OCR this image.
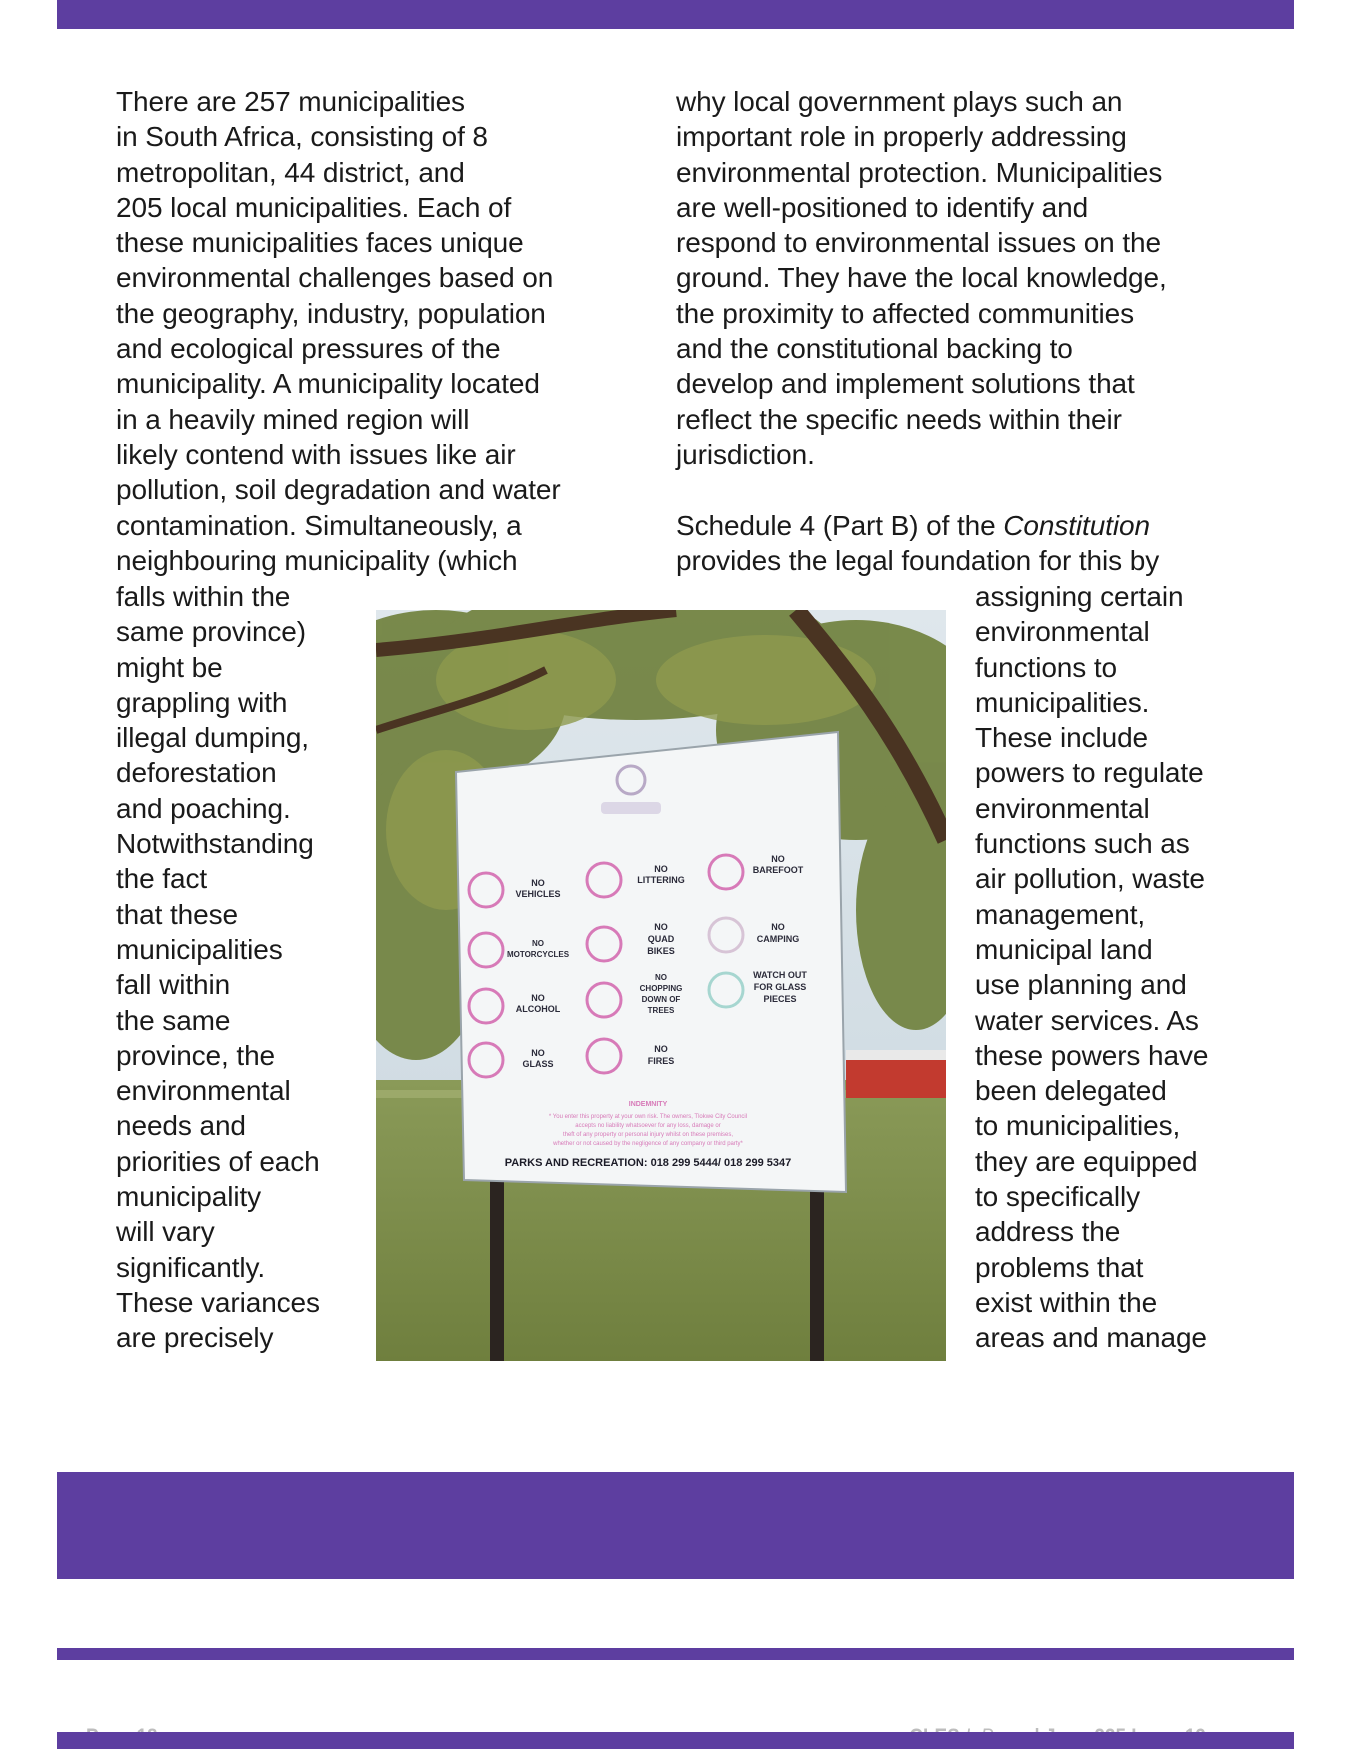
There are 257 municipalities
in South Africa, consisting of 8
metropolitan, 44 district, and
205 local municipalities. Each of
these municipalities faces unique
environmental challenges based on
the geography, industry, population
and ecological pressures of the
municipality. A municipality located
in a heavily mined region will
likely contend with issues like air
pollution, soil degradation and water
contamination. Simultaneously, a
neighbouring municipality (which

falls within the
same province)
might be
grappling with
illegal dumping,
deforestation
and poaching.
Notwithstanding
the fact
that these
municipalities
fall within
the same
province, the
environmental
needs and
priorities of each
municipality
will vary
significantly.
These variances
are precisely

why local government plays such an
important role in properly addressing
environmental protection. Municipalities
are well-positioned to identify and
respond to environmental issues on the
ground. They have the local knowledge,
the proximity to affected communities
and the constitutional backing to
develop and implement solutions that
reflect the specific needs within their
jurisdiction.

Schedule 4 (Part B) of the Constitution
provides the legal foundation for this by

assigning certain
environmental
functions to
municipalities.
These include
powers to regulate
environmental
functions such as
air pollution, waste
management,
municipal land
use planning and
water services. As
these powers have
been delegated
to municipalities,
they are equipped
to specifically
address the
problems that
exist within the
areas and manage

NO VEHICLES
NO LITTERING
NO BAREFOOT
NO MOTORCYCLES
NO QUAD BIKES
NO CAMPING
NO ALCOHOL
NO CHOPPING DOWN OF TREES
WATCH OUT FOR GLASS PIECES
NO GLASS
NO FIRES
INDEMNITY
* You enter this property at your own risk. The owners, Tlokwe City Council accepts no liability whatsoever for any loss, damage or theft of any property or personal injury whilst on these premises, whether or not caused by the negligence of any company or third party*
PARKS AND RECREATION: 018 299 5444/ 018 299 5347
